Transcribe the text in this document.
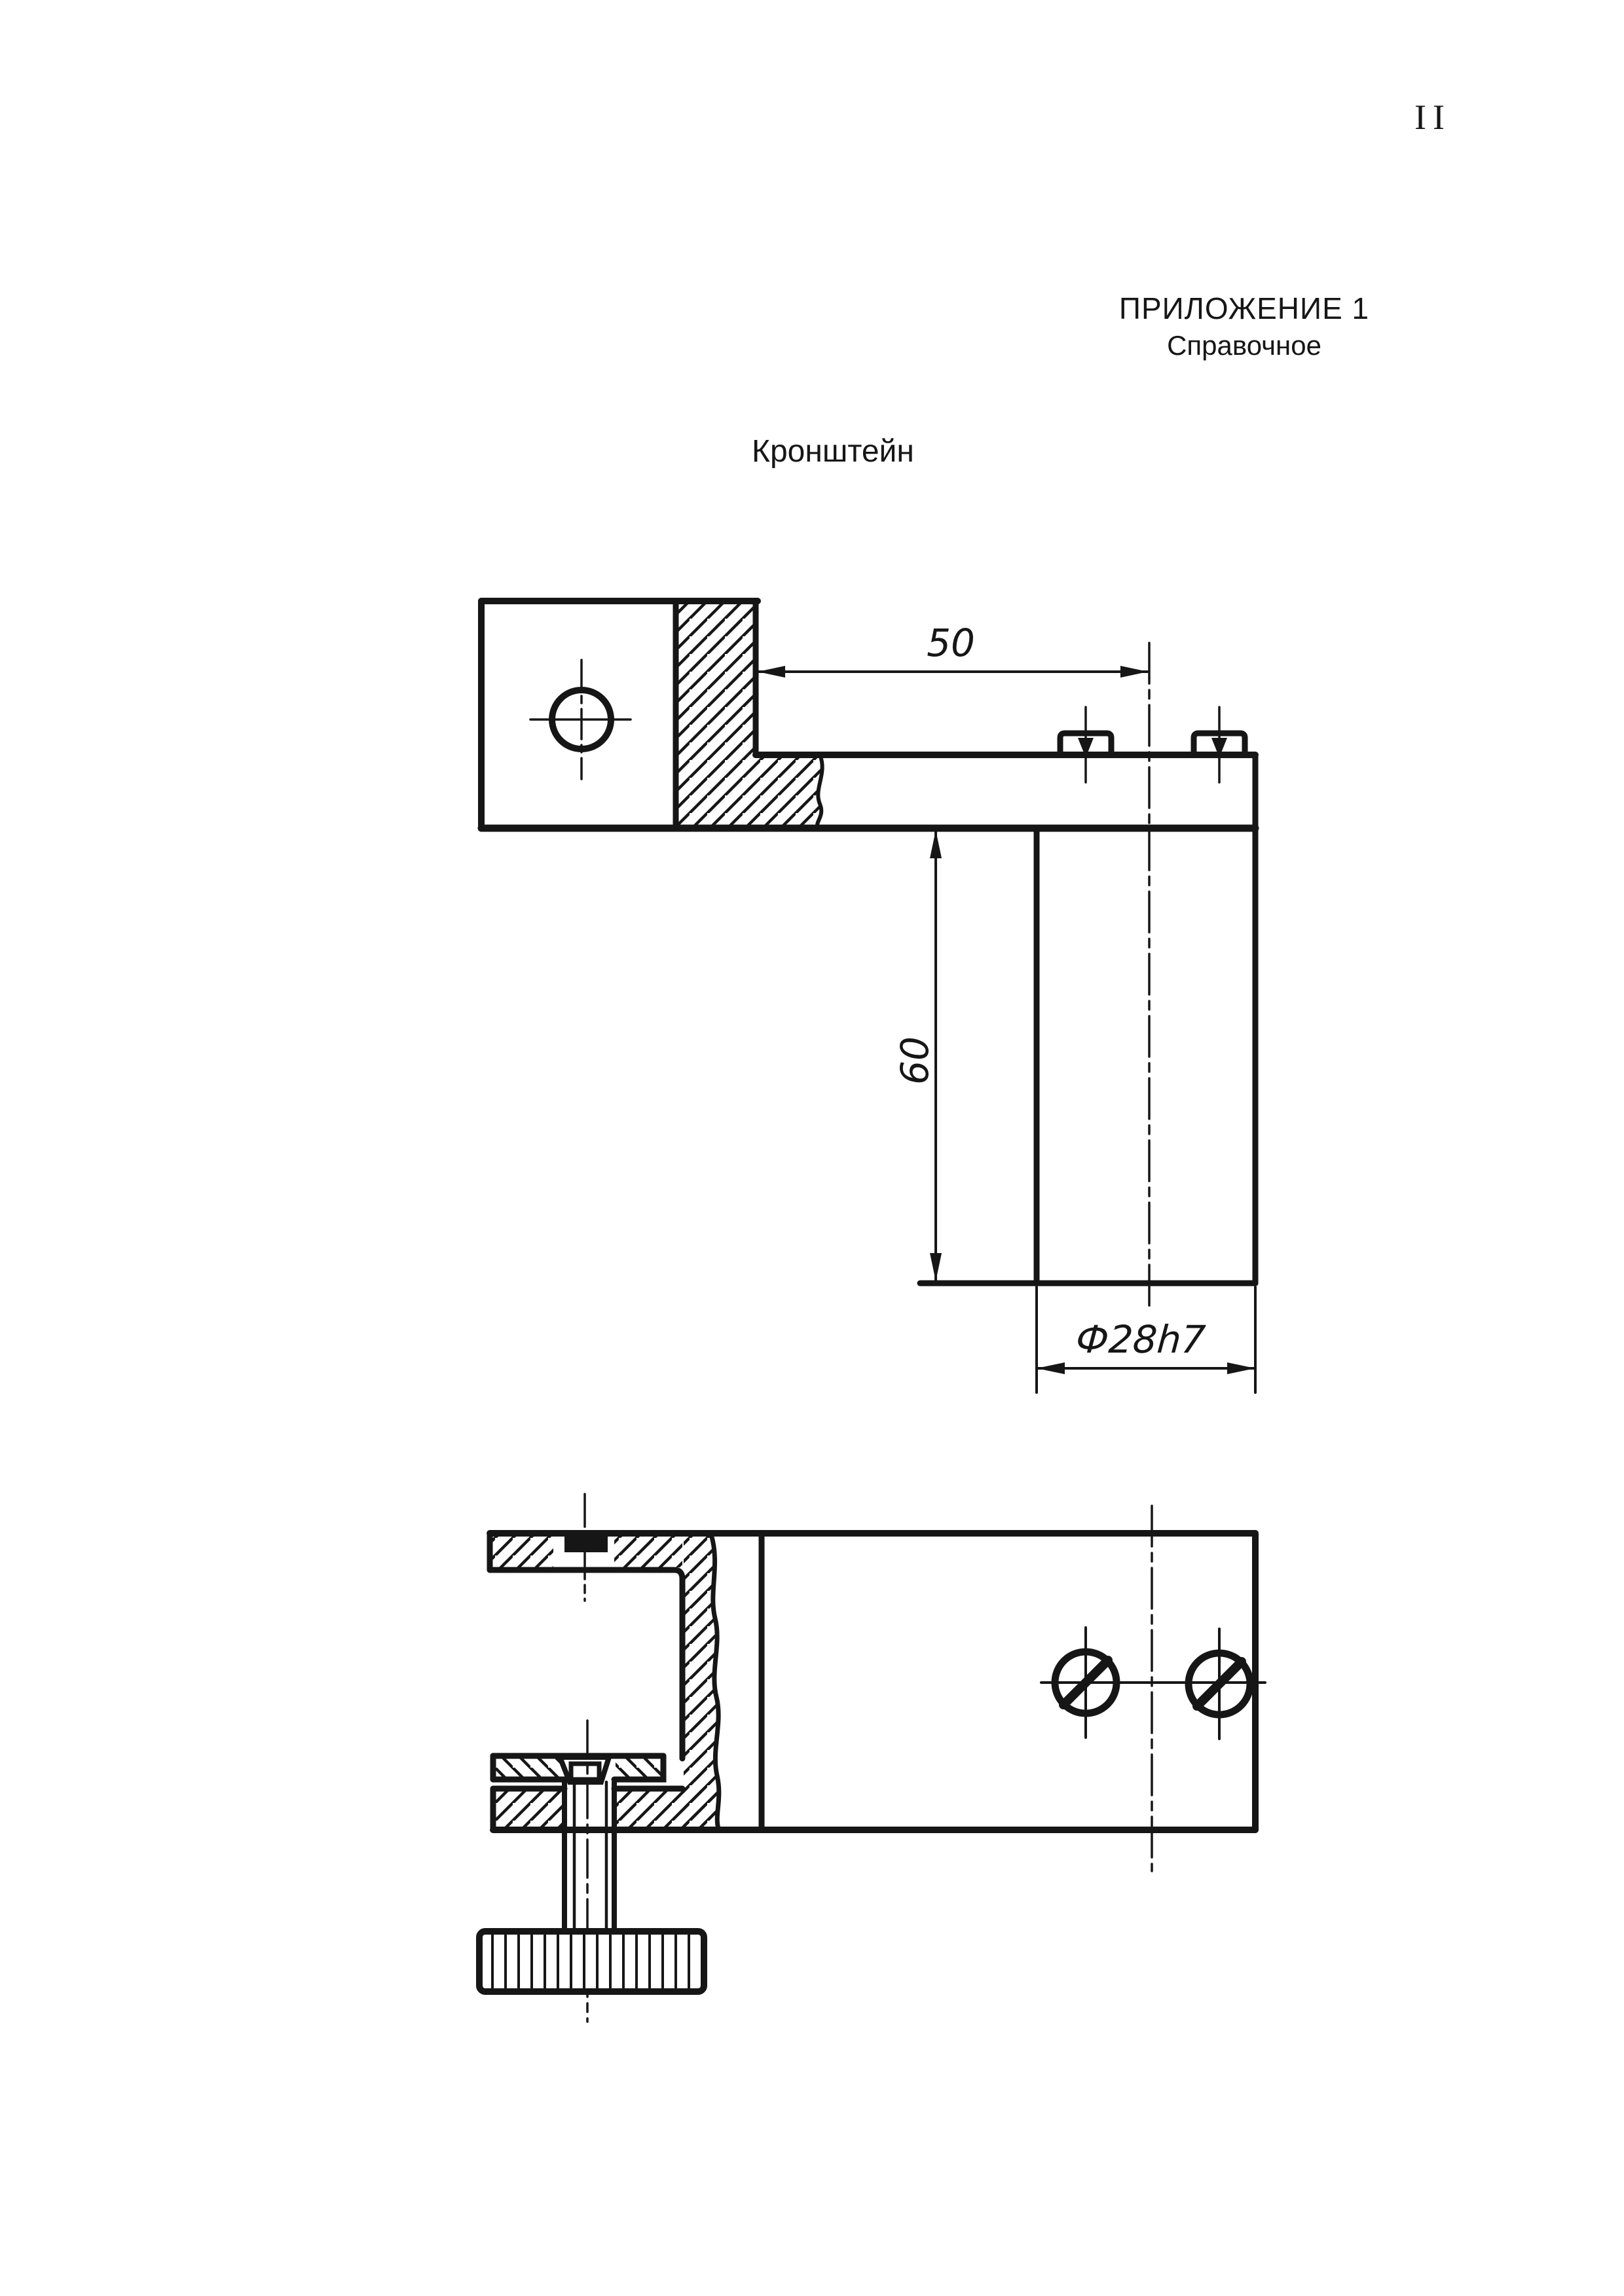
II
ПРИЛОЖЕНИЕ 1
Справочное
Кронштейн
50
60
Ф28h7
